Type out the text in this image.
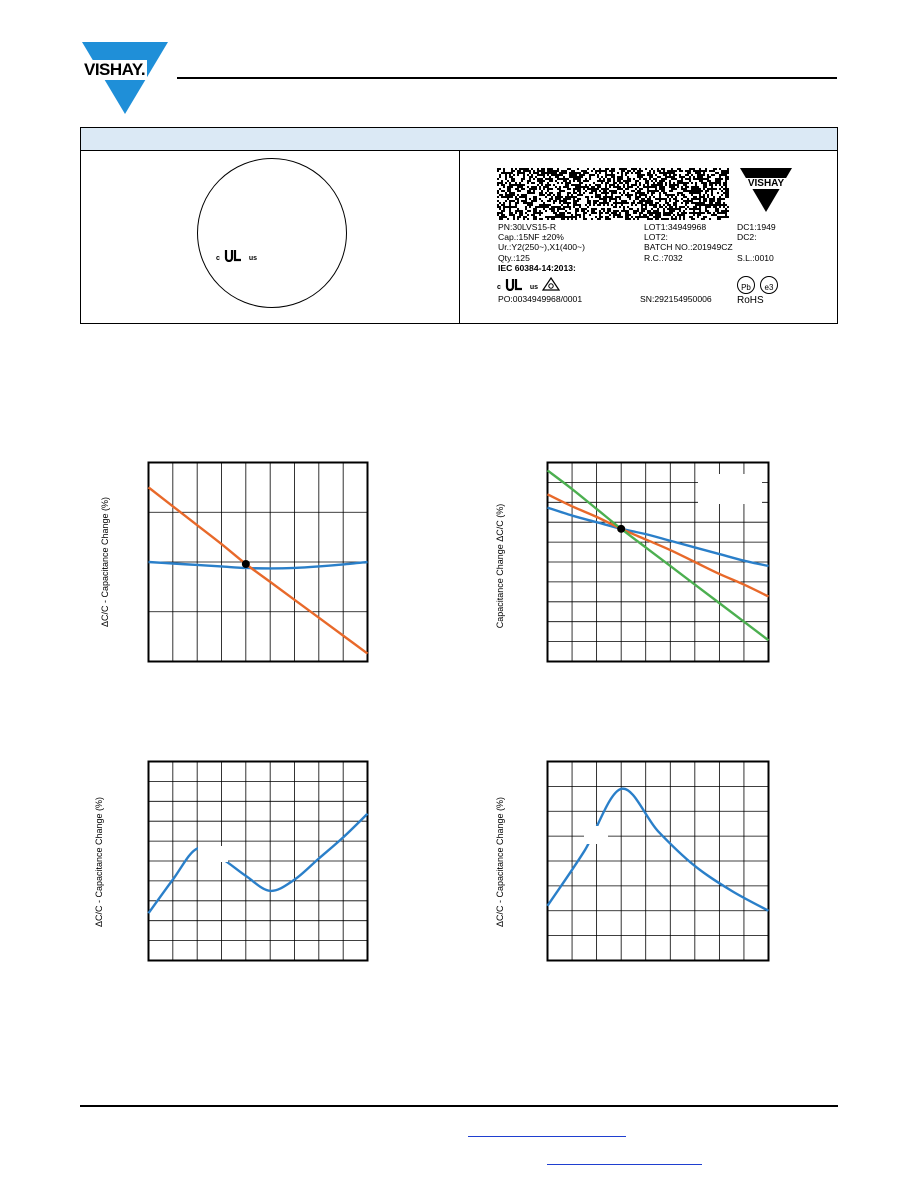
VISHAY.
c	us
VISHAY
PN:30LVS15-R	LOT1:34949968	DC1:1949
Cap.:15NF ±20%	LOT2:	DC2:
Ur.:Y2(250~),X1(400~)	BATCH NO.:201949CZ
Qty.:125	R.C.:7032	S.L.:0010
IEC 60384-14:2013:
c	us
PO:0034949968/0001	SN:292154950006
Pb	e3
RoHS
ΔC/C - Capacitance Change (%)	Capacitance Change ΔC/C (%)
ΔC/C - Capacitance Change (%)	ΔC/C - Capacitance Change (%)
